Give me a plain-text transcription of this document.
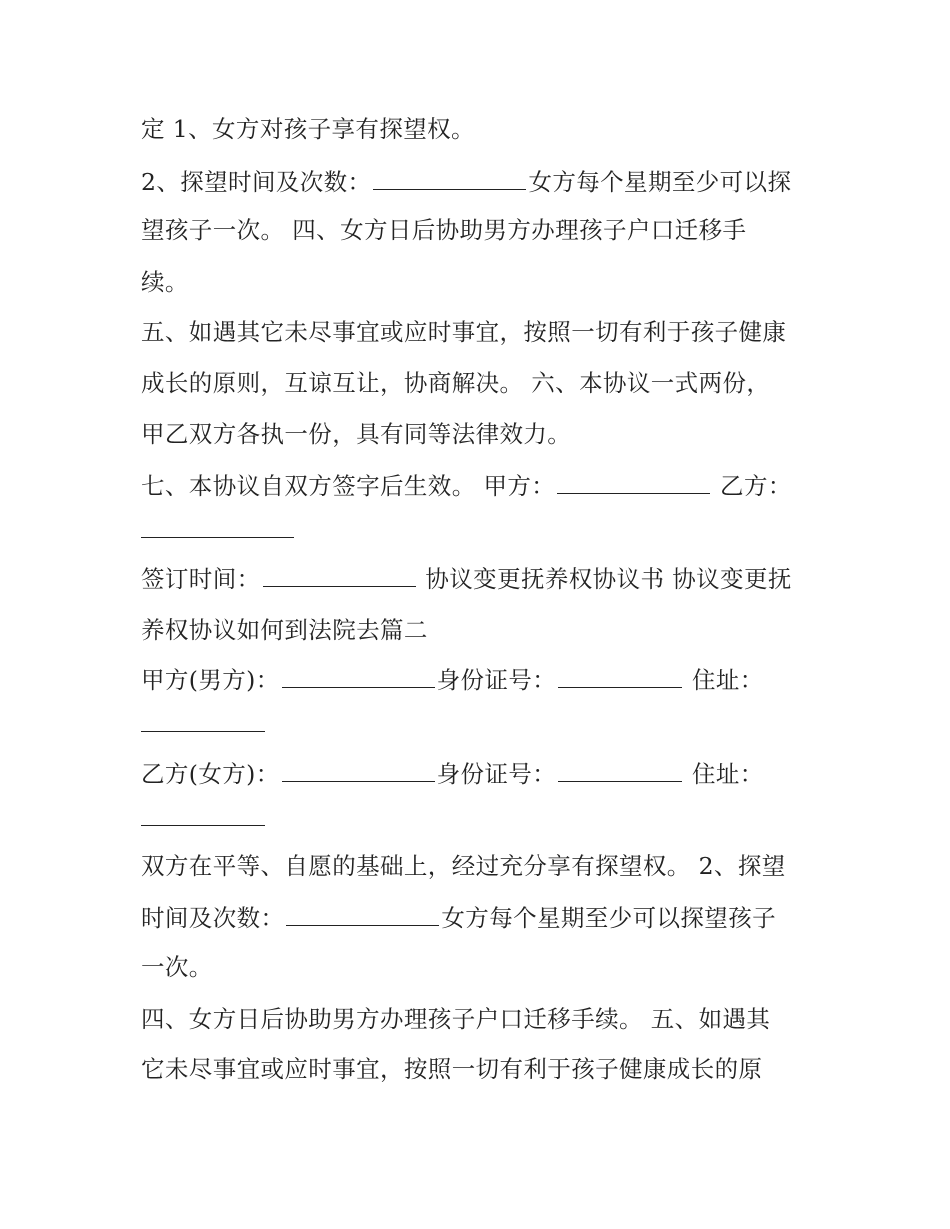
定 1、女方对孩子享有探望权。
2、探望时间及次数：	女方每个星期至少可以探
望孩子一次。 四、女方日后协助男方办理孩子户口迁移手
续。
五、如遇其它未尽事宜或应时事宜，按照一切有利于孩子健康
成长的原则，互谅互让，协商解决。 六、本协议一式两份，
甲乙双方各执一份，具有同等法律效力。
七、本协议自双方签字后生效。 甲方：	乙方：
签订时间：	协议变更抚养权协议书 协议变更抚
养权协议如何到法院去篇二
甲方(男方)：	身份证号：	住址：
乙方(女方)：	身份证号：	住址：
双方在平等、自愿的基础上，经过充分享有探望权。 2、探望
时间及次数：	女方每个星期至少可以探望孩子
一次。
四、女方日后协助男方办理孩子户口迁移手续。 五、如遇其
它未尽事宜或应时事宜，按照一切有利于孩子健康成长的原
